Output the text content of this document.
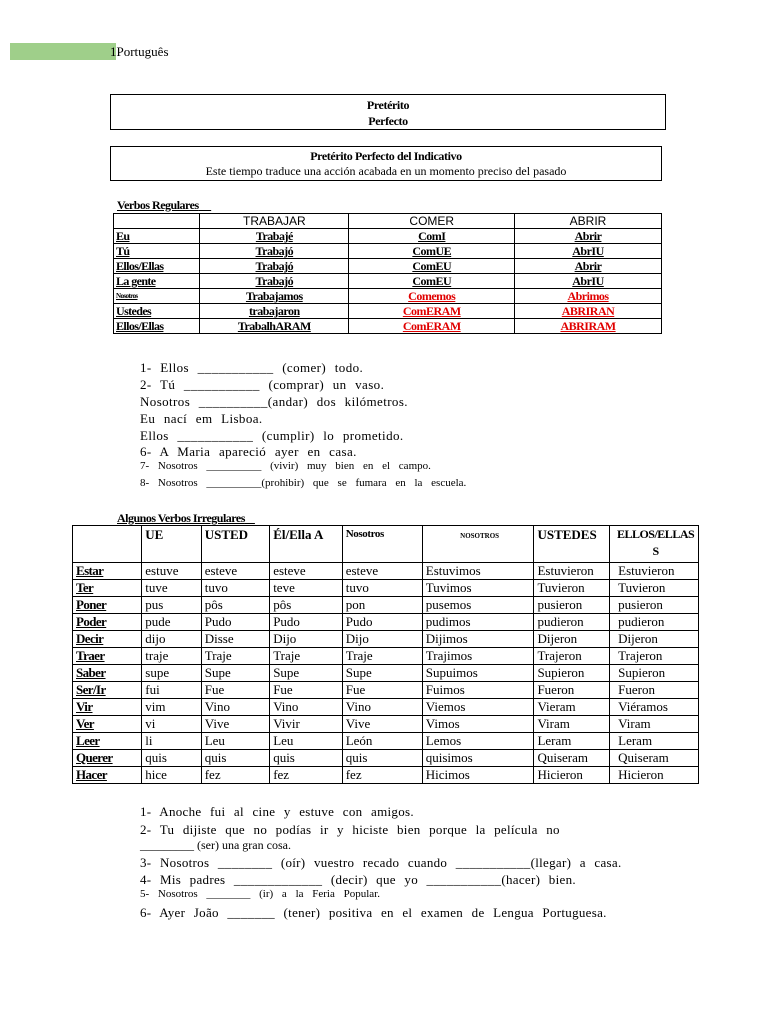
1Português
Pretérito
Perfecto
Pretérito Perfecto del Indicativo
Este tiempo traduce una acción acabada en un momento preciso del pasado
Verbos Regulares
	TRABAJAR	COMER	ABRIR
Eu	Trabajé	ComI	Abrir
Tú	Trabajó	ComUE	AbrIU
Ellos/Ellas	Trabajó	ComEU	Abrir
La gente	Trabajó	ComEU	AbrIU
Nosotros	Trabajamos	Comemos	Abrimos
Ustedes	trabajaron	ComERAM	ABRIRAN
Ellos/Ellas	TrabalhARAM	ComERAM	ABRIRAM
1- Ellos ___________ (comer) todo.
2- Tú ___________ (comprar) un vaso.
Nosotros __________(andar) dos kilómetros.
Eu nací em Lisboa.
Ellos ___________ (cumplir) lo prometido.
6- A Maria apareció ayer en casa.
7- Nosotros __________ (vivir) muy bien en el campo.
8- Nosotros __________(prohibir) que se fumara en la escuela.
Algunos Verbos Irregulares
	UE	USTED	Él/Ella A	Nosotros	NOSOTROS	USTEDES	ELLOS/ELLAS S
Estar	estuve	esteve	esteve	esteve	Estuvimos	Estuvieron	Estuvieron
Ter	tuve	tuvo	teve	tuvo	Tuvimos	Tuvieron	Tuvieron
Poner	pus	pôs	pôs	pon	pusemos	pusieron	pusieron
Poder	pude	Pudo	Pudo	Pudo	pudimos	pudieron	pudieron
Decir	dijo	Disse	Dijo	Dijo	Dijimos	Dijeron	Dijeron
Traer	traje	Traje	Traje	Traje	Trajimos	Trajeron	Trajeron
Saber	supe	Supe	Supe	Supe	Supuimos	Supieron	Supieron
Ser/Ir	fui	Fue	Fue	Fue	Fuimos	Fueron	Fueron
Vir	vim	Vino	Vino	Vino	Viemos	Vieram	Viéramos
Ver	vi	Vive	Vivir	Vive	Vimos	Viram	Viram
Leer	li	Leu	Leu	León	Lemos	Leram	Leram
Querer	quis	quis	quis	quis	quisimos	Quiseram	Quiseram
Hacer	hice	fez	fez	fez	Hicimos	Hicieron	Hicieron
1- Anoche fui al cine y estuve con amigos.
2- Tu dijiste que no podías ir y hiciste bien porque la película no
_________ (ser) una gran cosa.
3- Nosotros ________ (oír) vuestro recado cuando ___________(llegar) a casa.
4- Mis padres _____________ (decir) que yo ___________(hacer) bien.
5- Nosotros ________ (ir) a la Feria Popular.
6- Ayer João _______ (tener) positiva en el examen de Lengua Portuguesa.
